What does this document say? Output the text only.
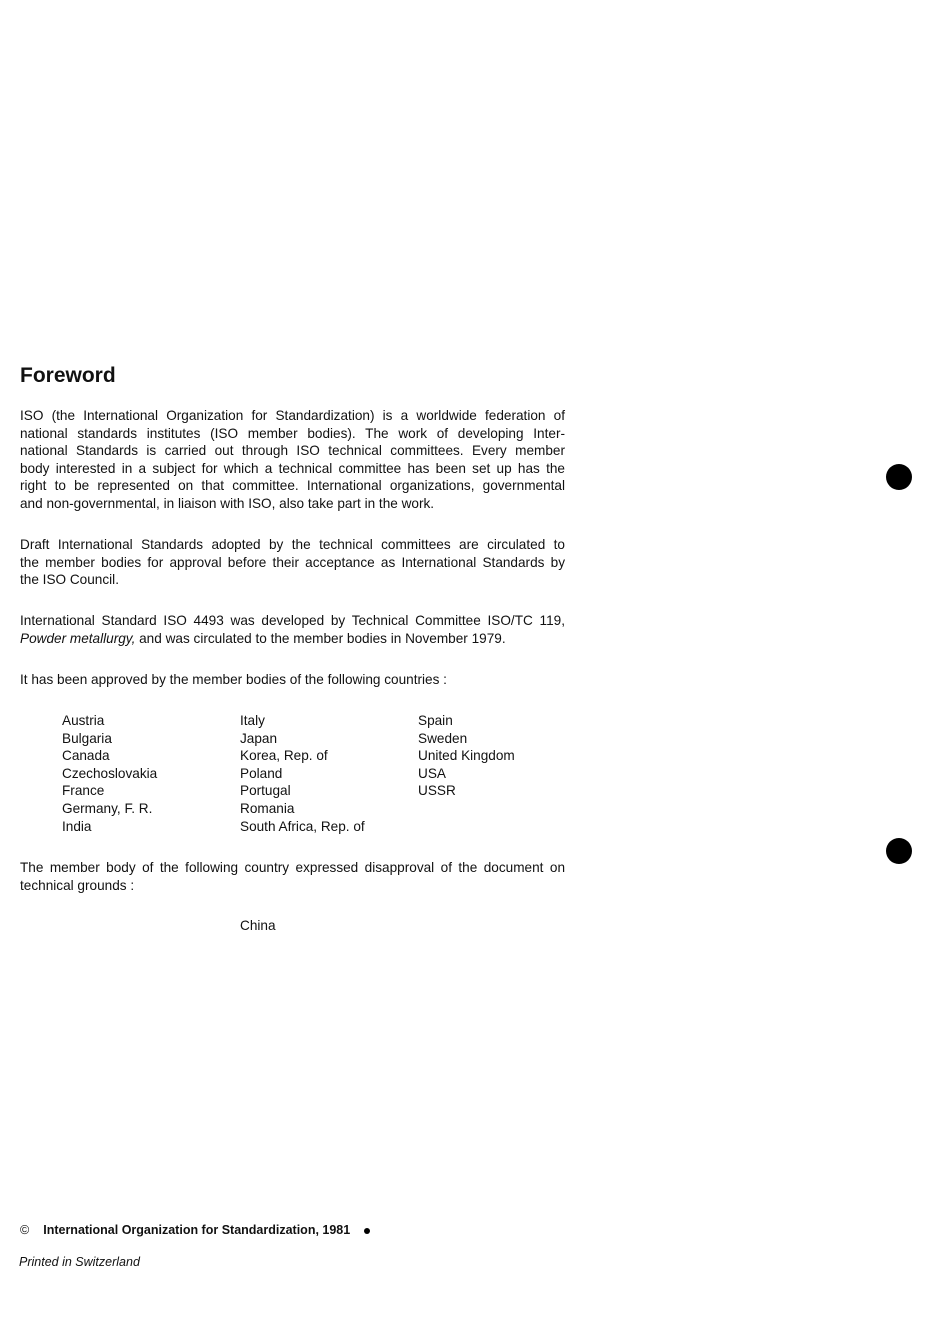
Foreword
ISO (the International Organization for Standardization) is a worldwide federation of
national standards institutes (ISO member bodies). The work of developing Inter-
national Standards is carried out through ISO technical committees. Every member
body interested in a subject for which a technical committee has been set up has the
right to be represented on that committee. International organizations, governmental
and non-governmental, in liaison with ISO, also take part in the work.
Draft International Standards adopted by the technical committees are circulated to
the member bodies for approval before their acceptance as International Standards by
the ISO Council.
International Standard ISO 4493 was developed by Technical Committee ISO/TC 119,
Powder metallurgy, and was circulated to the member bodies in November 1979.
It has been approved by the member bodies of the following countries :
Austria
Bulgaria
Canada
Czechoslovakia
France
Germany, F. R.
India
Italy
Japan
Korea, Rep. of
Poland
Portugal
Romania
South Africa, Rep. of
Spain
Sweden
United Kingdom
USA
USSR
The member body of the following country expressed disapproval of the document on
technical grounds :
China
© International Organization for Standardization, 1981
Printed in Switzerland
